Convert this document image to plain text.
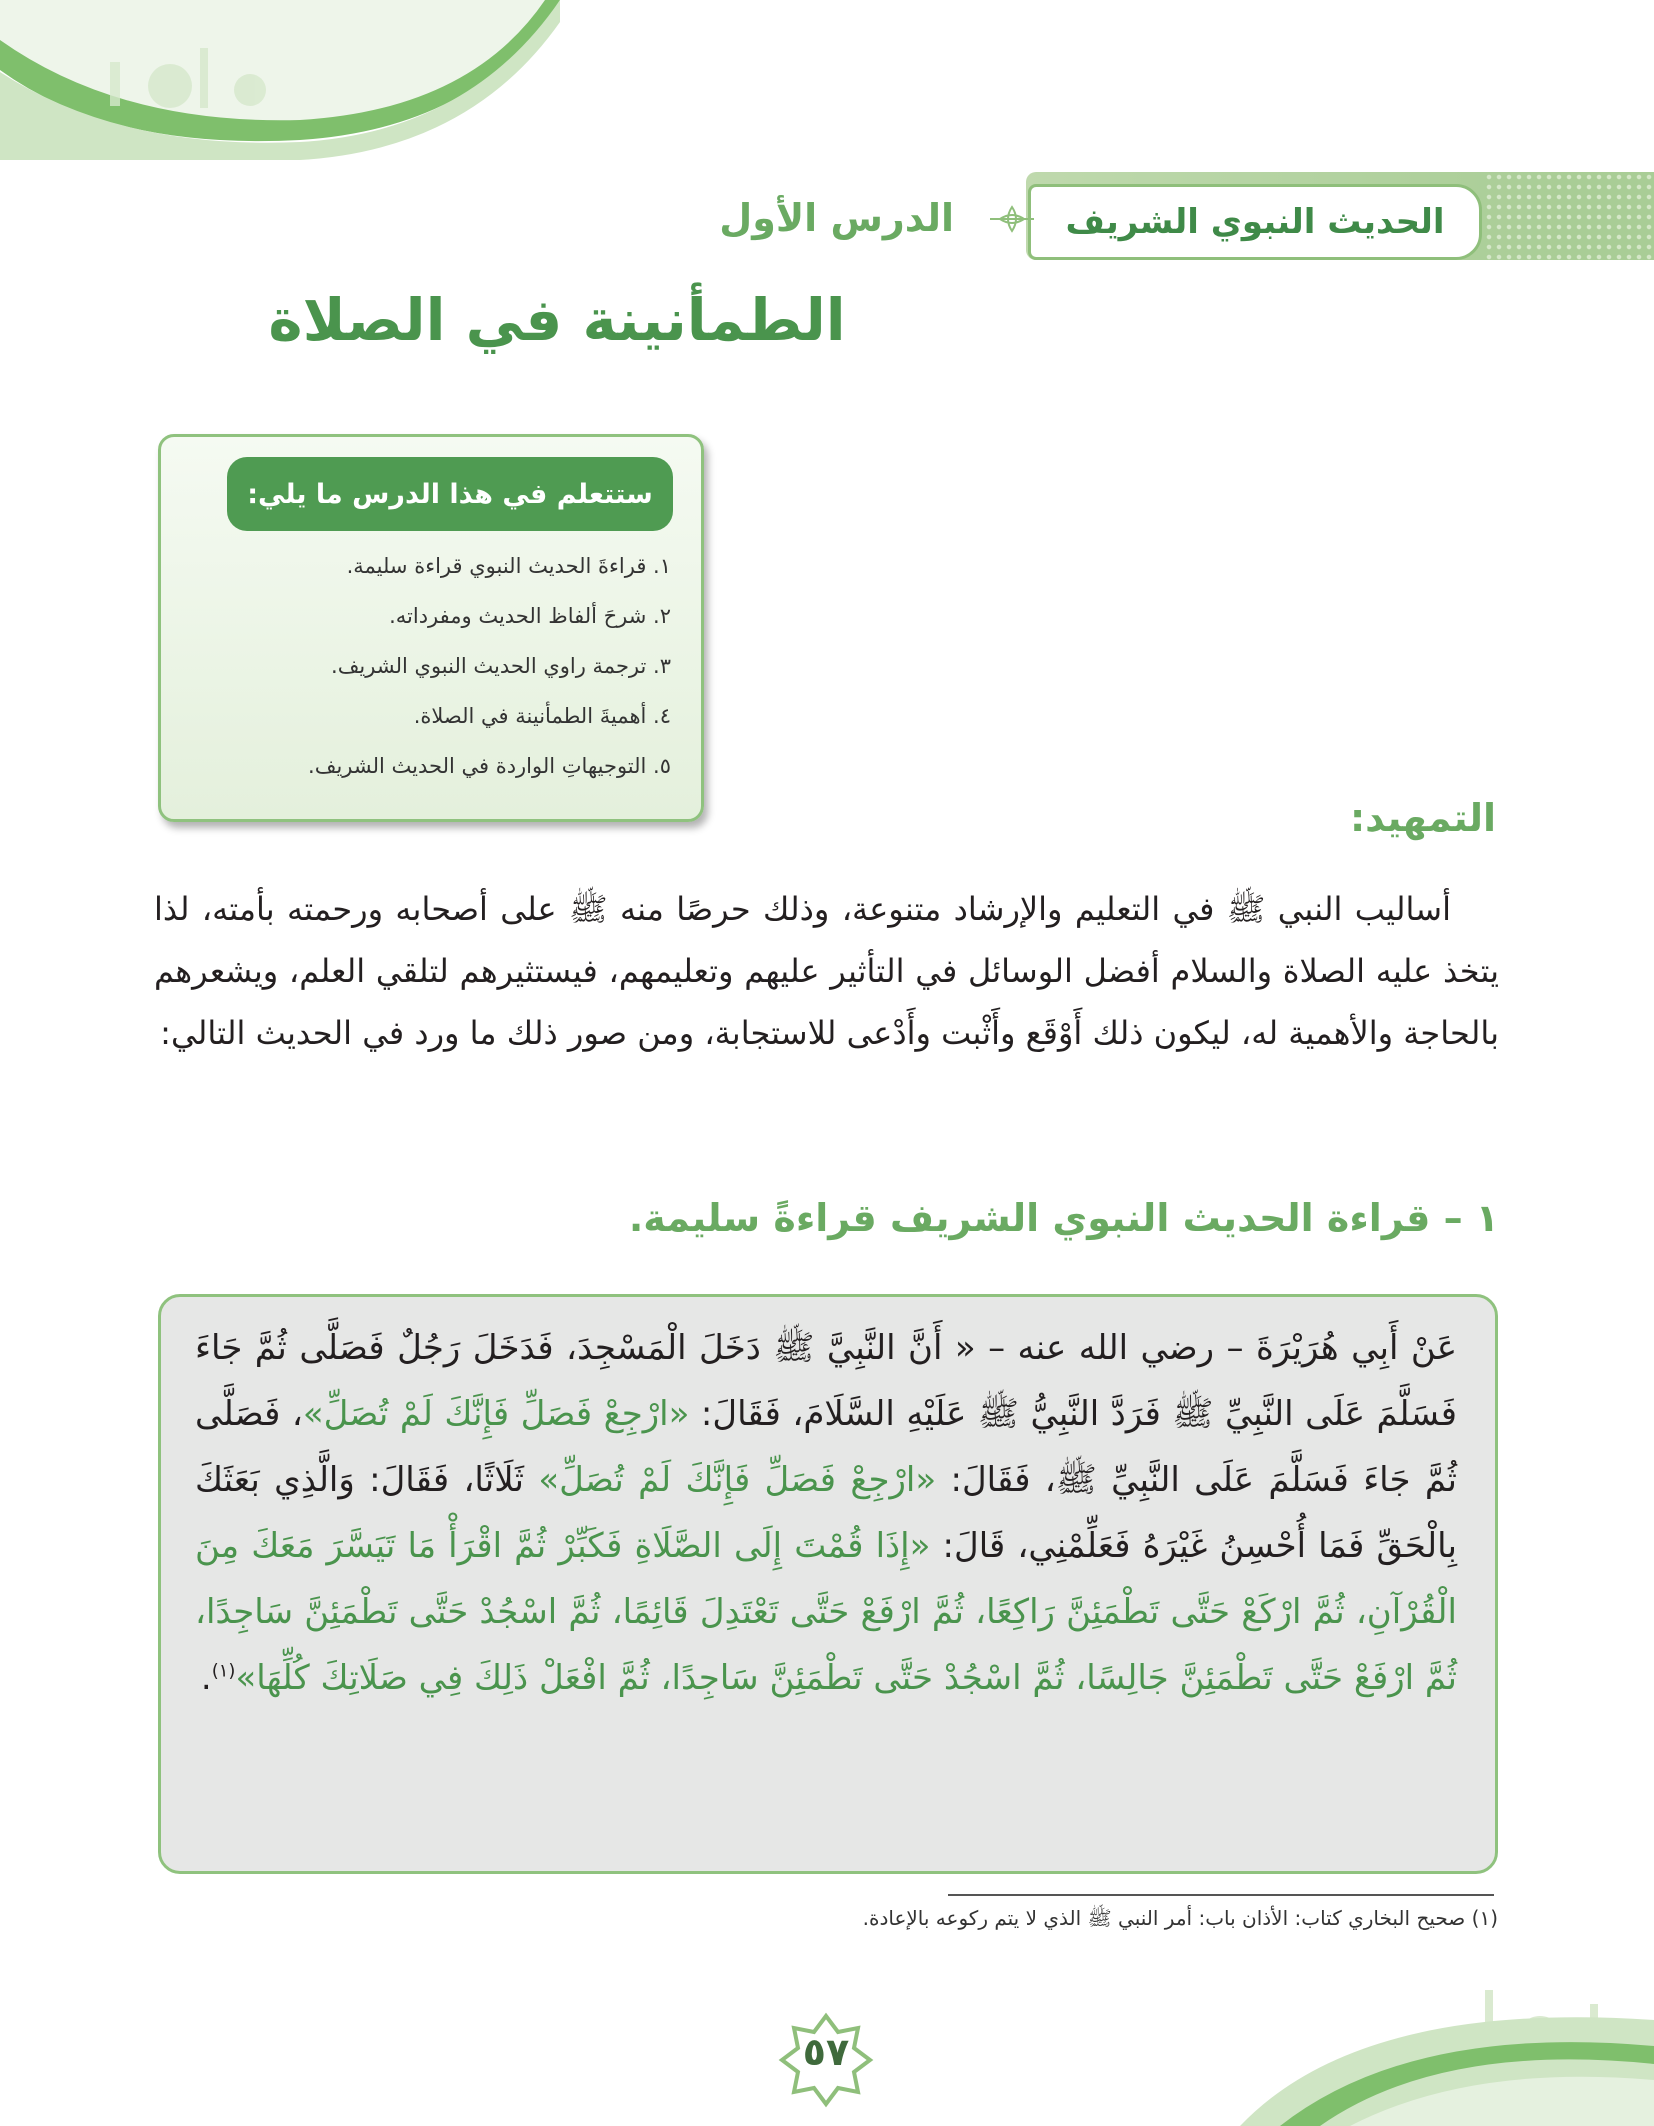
الحديث النبوي الشريف
الدرس الأول
الطمأنينة في الصلاة
ستتعلم في هذا الدرس ما يلي:
١. قراءةَ الحديث النبوي قراءة سليمة.
٢. شرحَ ألفاظ الحديث ومفرداته.
٣. ترجمة راوي الحديث النبوي الشريف.
٤. أهميةَ الطمأنينة في الصلاة.
٥. التوجيهاتِ الواردة في الحديث الشريف.
التمهيد:

أساليب النبي ﷺ في التعليم والإرشاد متنوعة، وذلك حرصًا منه ﷺ على أصحابه ورحمته بأمته، لذا يتخذ عليه الصلاة والسلام أفضل الوسائل في التأثير عليهم وتعليمهم، فيستثيرهم لتلقي العلم، ويشعرهم بالحاجة والأهمية له، ليكون ذلك أَوْقَع وأَثْبت وأَدْعى للاستجابة، ومن صور ذلك ما ورد في الحديث التالي:

١ – قراءة الحديث النبوي الشريف قراءةً سليمة.
عَنْ أَبِي هُرَيْرَةَ – رضي الله عنه – « أَنَّ النَّبِيَّ ﷺ دَخَلَ الْمَسْجِدَ، فَدَخَلَ رَجُلٌ فَصَلَّى ثُمَّ جَاءَ فَسَلَّمَ عَلَى النَّبِيِّ ﷺ فَرَدَّ النَّبِيُّ ﷺ عَلَيْهِ السَّلَامَ، فَقَالَ: «ارْجِعْ فَصَلِّ فَإِنَّكَ لَمْ تُصَلِّ»، فَصَلَّى ثُمَّ جَاءَ فَسَلَّمَ عَلَى النَّبِيِّ ﷺ، فَقَالَ: «ارْجِعْ فَصَلِّ فَإِنَّكَ لَمْ تُصَلِّ» ثَلَاثًا، فَقَالَ: وَالَّذِي بَعَثَكَ بِالْحَقِّ فَمَا أُحْسِنُ غَيْرَهُ فَعَلِّمْنِي، قَالَ: «إِذَا قُمْتَ إِلَى الصَّلَاةِ فَكَبِّرْ ثُمَّ اقْرَأْ مَا تَيَسَّرَ مَعَكَ مِنَ الْقُرْآنِ، ثُمَّ ارْكَعْ حَتَّى تَطْمَئِنَّ رَاكِعًا، ثُمَّ ارْفَعْ حَتَّى تَعْتَدِلَ قَائِمًا، ثُمَّ اسْجُدْ حَتَّى تَطْمَئِنَّ سَاجِدًا، ثُمَّ ارْفَعْ حَتَّى تَطْمَئِنَّ جَالِسًا، ثُمَّ اسْجُدْ حَتَّى تَطْمَئِنَّ سَاجِدًا، ثُمَّ افْعَلْ ذَلِكَ فِي صَلَاتِكَ كُلِّهَا»$^{(١)}$.
(١) صحيح البخاري كتاب: الأذان باب: أمر النبي ﷺ الذي لا يتم ركوعه بالإعادة.
٥٧
